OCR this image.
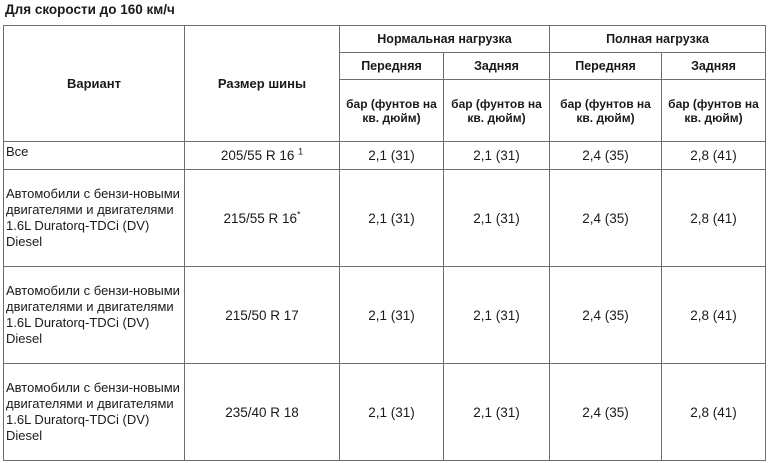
Для скорости до 160 км/ч
Вариант	Размер шины	Нормальная нагрузка		Полная нагрузка	
		Передняя	Задняя	Передняя	Задняя
		бар (фунтов на кв. дюйм)	бар (фунтов на кв. дюйм)	бар (фунтов на кв. дюйм)	бар (фунтов на кв. дюйм)
Все	205/55 R 16 $^1$	2,1 (31)	2,1 (31)	2,4 (35)	2,8 (41)
Автомобили с бензи-новыми двигателями и двигателями 1.6L Duratorq-TDCi (DV) Diesel	215/55 R 16*	2,1 (31)	2,1 (31)	2,4 (35)	2,8 (41)
Автомобили с бензи-новыми двигателями и двигателями 1.6L Duratorq-TDCi (DV) Diesel	215/50 R 17	2,1 (31)	2,1 (31)	2,4 (35)	2,8 (41)
Автомобили с бензи-новыми двигателями и двигателями 1.6L Duratorq-TDCi (DV) Diesel	235/40 R 18	2,1 (31)	2,1 (31)	2,4 (35)	2,8 (41)
